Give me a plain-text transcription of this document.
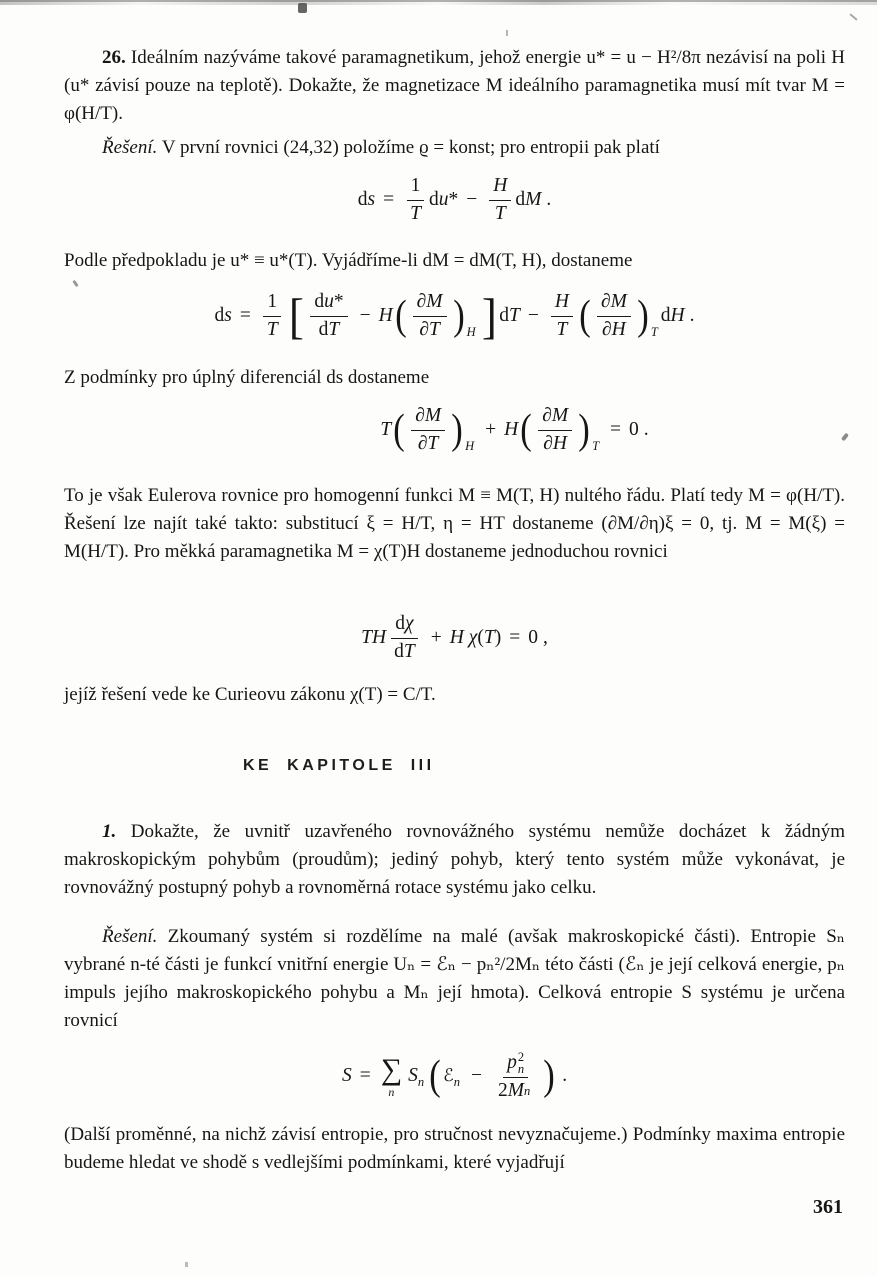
26. Ideálním nazýváme takové paramagnetikum, jehož energie u* = u − H²/8π nezávisí na poli H (u* závisí pouze na teplotě). Dokažte, že magnetizace M ideálního paramagnetika musí mít tvar M = φ(H/T).

Řešení. V první rovnici (24,32) položíme ϱ = konst; pro entropii pak platí

d $s = \frac{1}{T}$ d u * − $\frac{H}{T}$ d M .

Podle předpokladu je u* ≡ u*(T). Vyjádříme-li dM = dM(T, H), dostaneme

d $s = \frac{1}{T}$ [ $\frac{\text{d u *}}{\text{d T}} - H$ ( $\frac{\partial M}{\partial T}$ ) H ] d $T - \frac{H}{T}$ ( $\frac{\partial M}{\partial H}$ ) T
d H .

Z podmínky pro úplný diferenciál ds dostaneme

T ( $\frac{\partial M}{\partial T}$ ) H
+ H ( $\frac{\partial M}{\partial H}$ ) T
= 0 .

To je však Eulerova rovnice pro homogenní funkci M ≡ M(T, H) nultého řádu. Platí tedy M = φ(H/T). Řešení lze najít také takto: substitucí ξ = H/T, η = HT dostaneme (∂M/∂η)ξ = 0, tj. M = M(ξ) = M(H/T). Pro měkká paramagnetika M = χ(T)H dostaneme jednoduchou rovnici

TH $\frac{\text{d χ}}{\text{d T}} + H$ χ ( T ) = 0 ,

jejíž řešení vede ke Curieovu zákonu χ(T) = C/T.

KE KAPITOLE III

1. Dokažte, že uvnitř uzavřeného rovnovážného systému nemůže docházet k žádným makroskopickým pohybům (proudům); jediný pohyb, který tento systém může vykonávat, je rovnovážný postupný pohyb a rovnoměrná rotace systému jako celku.

Řešení. Zkoumaný systém si rozdělíme na malé (avšak makroskopické části). Entropie Sₙ vybrané n-té části je funkcí vnitřní energie Uₙ = ℰₙ − pₙ²/2Mₙ této části (ℰₙ je její celková energie, pₙ impuls jejího makroskopického pohybu a Mₙ její hmota). Celková entropie S systému je určena rovnicí

S = ∑
n
S n ( ℰ n − p 2
n
2 M n ) .

(Další proměnné, na nichž závisí entropie, pro stručnost nevyznačujeme.) Podmínky maxima entropie budeme hledat ve shodě s vedlejšími podmínkami, které vyjadřují

361
